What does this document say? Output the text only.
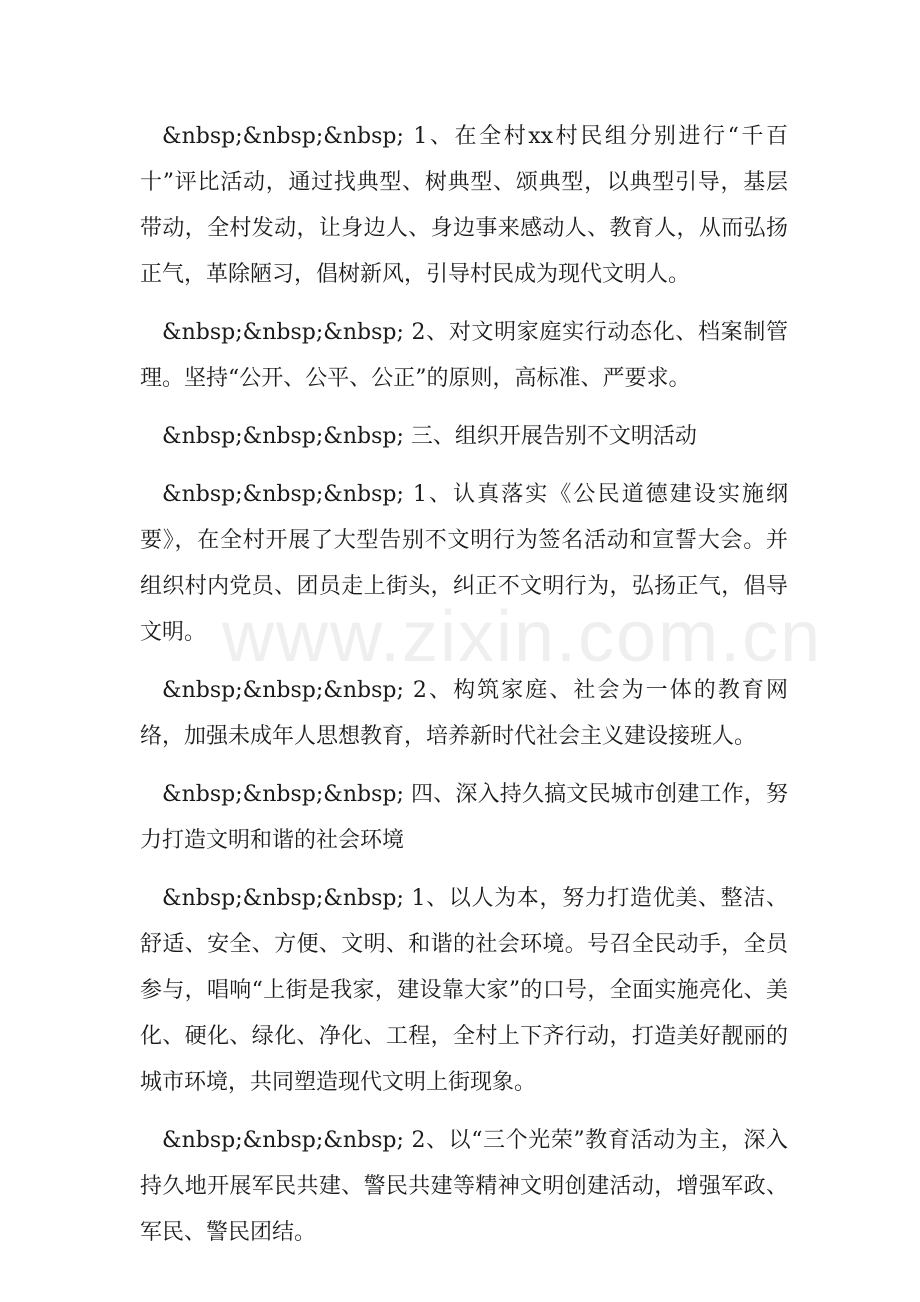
&nbsp;&nbsp;&nbsp; 1、在全村xx村民组分别进行“千百十”评比活动，通过找典型、树典型、颂典型，以典型引导，基层带动，全村发动，让身边人、身边事来感动人、教育人，从而弘扬正气，革除陋习，倡树新风，引导村民成为现代文明人。

&nbsp;&nbsp;&nbsp; 2、对文明家庭实行动态化、档案制管理。坚持“公开、公平、公正”的原则，高标准、严要求。

&nbsp;&nbsp;&nbsp; 三、组织开展告别不文明活动

&nbsp;&nbsp;&nbsp; 1、认真落实《公民道德建设实施纲要》，在全村开展了大型告别不文明行为签名活动和宣誓大会。并组织村内党员、团员走上街头，纠正不文明行为，弘扬正气，倡导文明。

&nbsp;&nbsp;&nbsp; 2、构筑家庭、社会为一体的教育网络，加强未成年人思想教育，培养新时代社会主义建设接班人。

&nbsp;&nbsp;&nbsp; 四、深入持久搞文民城市创建工作，努力打造文明和谐的社会环境

&nbsp;&nbsp;&nbsp; 1、以人为本，努力打造优美、整洁、舒适、安全、方便、文明、和谐的社会环境。号召全民动手，全员参与，唱响“上街是我家，建设靠大家”的口号，全面实施亮化、美化、硬化、绿化、净化、工程，全村上下齐行动，打造美好靓丽的城市环境，共同塑造现代文明上街现象。

&nbsp;&nbsp;&nbsp; 2、以“三个光荣”教育活动为主，深入持久地开展军民共建、警民共建等精神文明创建活动，增强军政、军民、警民团结。

www.zixin.com.cn
